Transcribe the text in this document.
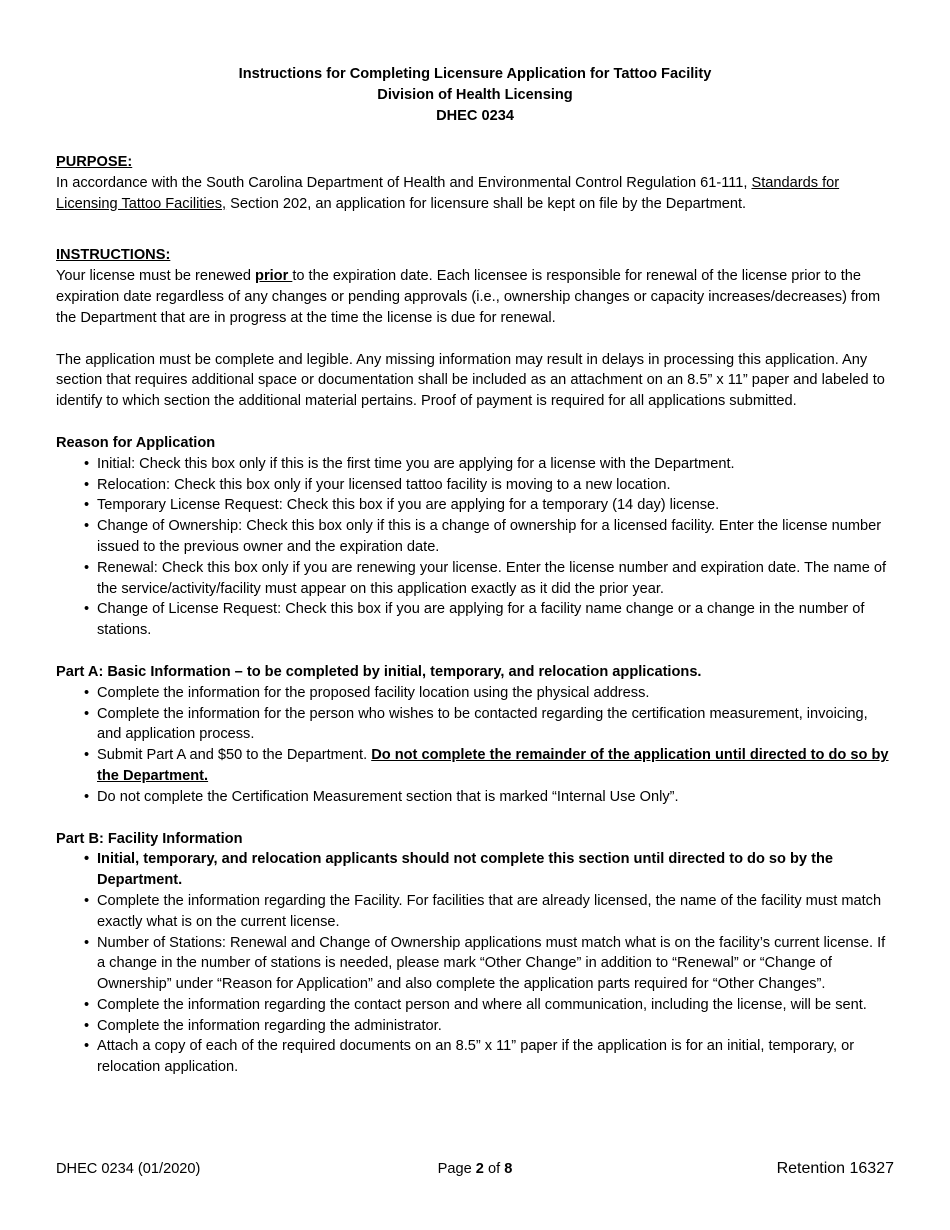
Instructions for Completing Licensure Application for Tattoo Facility
Division of Health Licensing
DHEC 0234
PURPOSE:

In accordance with the South Carolina Department of Health and Environmental Control Regulation 61-111, Standards for Licensing Tattoo Facilities, Section 202, an application for licensure shall be kept on file by the Department.

INSTRUCTIONS:

Your license must be renewed prior to the expiration date. Each licensee is responsible for renewal of the license prior to the expiration date regardless of any changes or pending approvals (i.e., ownership changes or capacity increases/decreases) from the Department that are in progress at the time the license is due for renewal.

The application must be complete and legible. Any missing information may result in delays in processing this application. Any section that requires additional space or documentation shall be included as an attachment on an 8.5” x 11” paper and labeled to identify to which section the additional material pertains. Proof of payment is required for all applications submitted.

Reason for Application
• Initial: Check this box only if this is the first time you are applying for a license with the Department.
• Relocation: Check this box only if your licensed tattoo facility is moving to a new location.
• Temporary License Request: Check this box if you are applying for a temporary (14 day) license.
• Change of Ownership: Check this box only if this is a change of ownership for a licensed facility. Enter the license number issued to the previous owner and the expiration date.
• Renewal: Check this box only if you are renewing your license. Enter the license number and expiration date. The name of the service/activity/facility must appear on this application exactly as it did the prior year.
• Change of License Request: Check this box if you are applying for a facility name change or a change in the number of stations.
Part A: Basic Information – to be completed by initial, temporary, and relocation applications.
• Complete the information for the proposed facility location using the physical address.
• Complete the information for the person who wishes to be contacted regarding the certification measurement, invoicing, and application process.
• Submit Part A and $50 to the Department. Do not complete the remainder of the application until directed to do so by the Department.
• Do not complete the Certification Measurement section that is marked “Internal Use Only”.
Part B: Facility Information
• Initial, temporary, and relocation applicants should not complete this section until directed to do so by the Department.
• Complete the information regarding the Facility. For facilities that are already licensed, the name of the facility must match exactly what is on the current license.
• Number of Stations: Renewal and Change of Ownership applications must match what is on the facility’s current license. If a change in the number of stations is needed, please mark “Other Change” in addition to “Renewal” or “Change of Ownership” under “Reason for Application” and also complete the application parts required for “Other Changes”.
• Complete the information regarding the contact person and where all communication, including the license, will be sent.
• Complete the information regarding the administrator.
• Attach a copy of each of the required documents on an 8.5” x 11” paper if the application is for an initial, temporary, or relocation application.
DHEC 0234 (01/2020)	Page 2 of 8	Retention 16327
